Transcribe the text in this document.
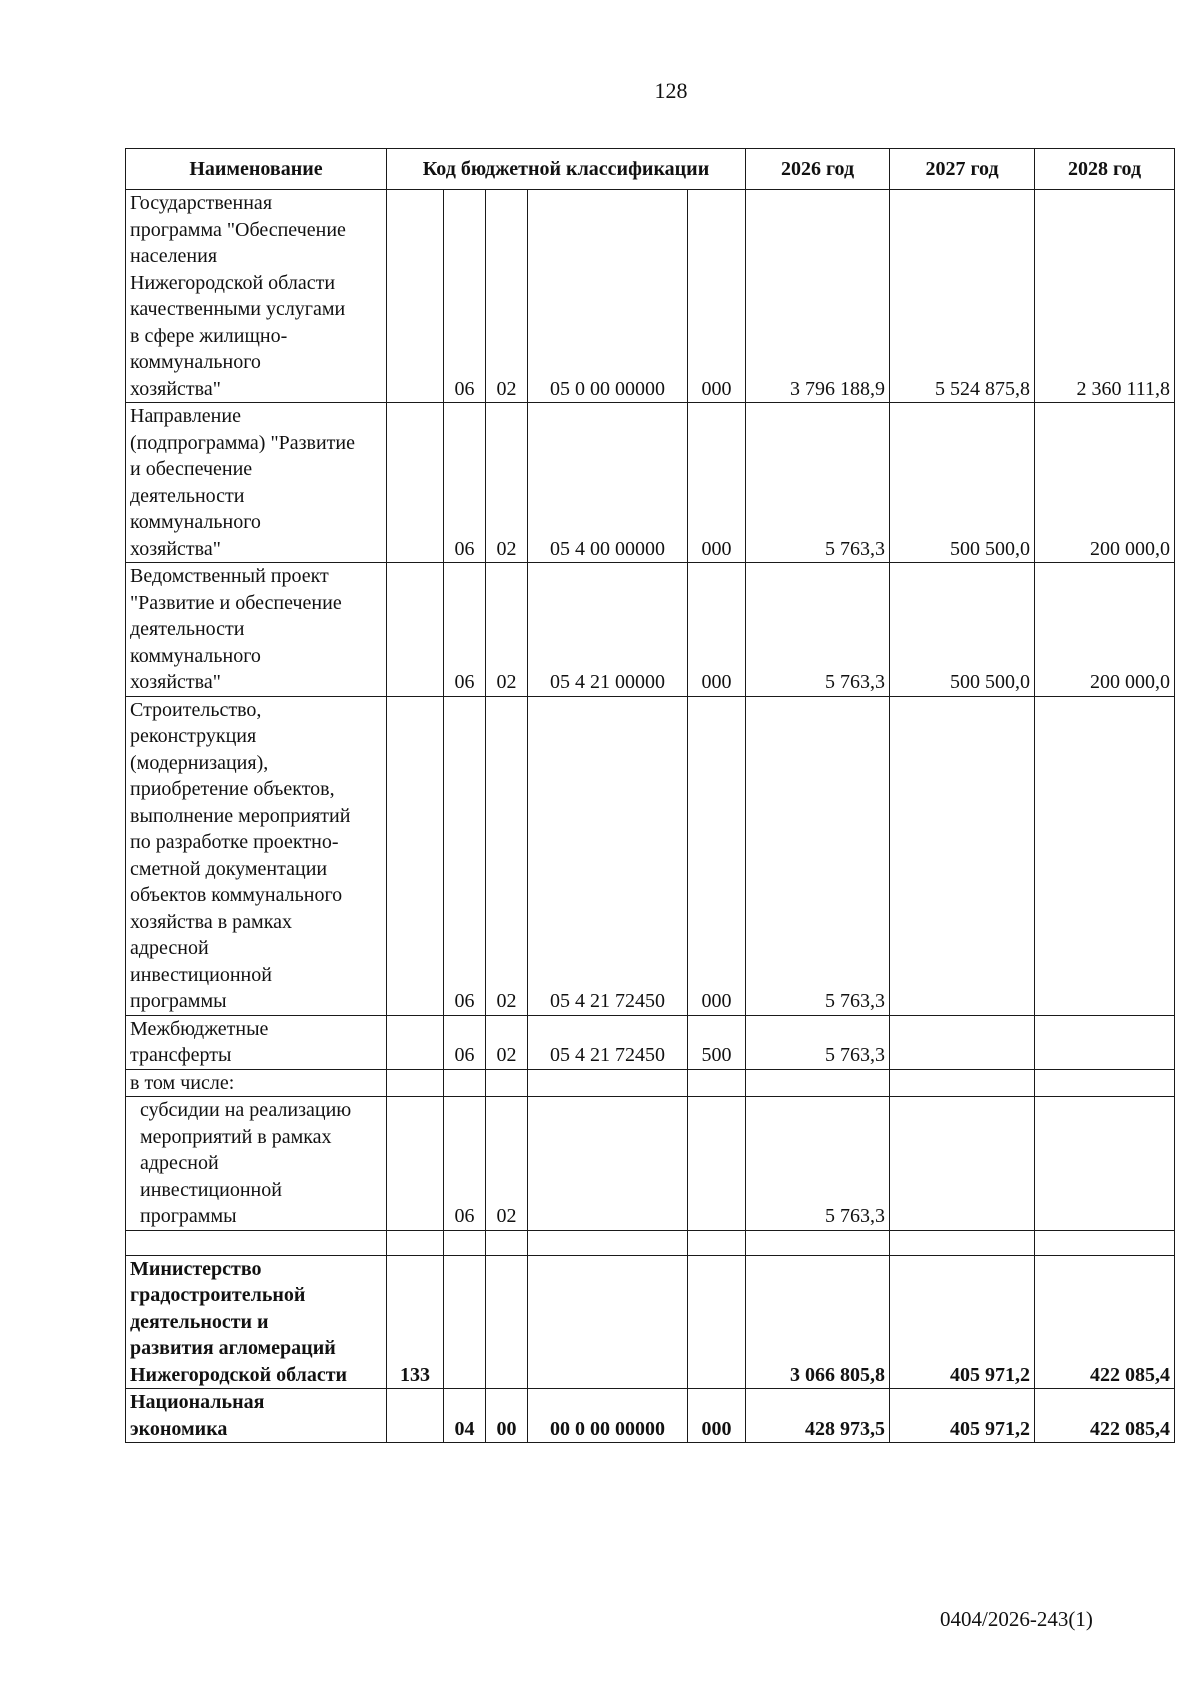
128
Наименование	Код бюджетной классификации					2026 год	2027 год	2028 год

Государственная программа "Обеспечение населения Нижегородской области качественными услугами в сфере жилищно-коммунального хозяйства"		06	02	05 0 00 00000	000	3 796 188,9	5 524 875,8	2 360 111,8

Направление (подпрограмма) "Развитие и обеспечение деятельности коммунального хозяйства"		06	02	05 4 00 00000	000	5 763,3	500 500,0	200 000,0

Ведомственный проект "Развитие и обеспечение деятельности коммунального хозяйства"		06	02	05 4 21 00000	000	5 763,3	500 500,0	200 000,0

Строительство, реконструкция (модернизация), приобретение объектов, выполнение мероприятий по разработке проектно-сметной документации объектов коммунального хозяйства в рамках адресной инвестиционной программы		06	02	05 4 21 72450	000	5 763,3		

Межбюджетные трансферты		06	02	05 4 21 72450	500	5 763,3		

в том числе:								

субсидии на реализацию мероприятий в рамках адресной инвестиционной программы		06	02			5 763,3		

Министерство градостроительной деятельности и развития агломераций Нижегородской области	133					3 066 805,8	405 971,2	422 085,4

Национальная экономика		04	00	00 0 00 00000	000	428 973,5	405 971,2	422 085,4
0404/2026-243(1)
